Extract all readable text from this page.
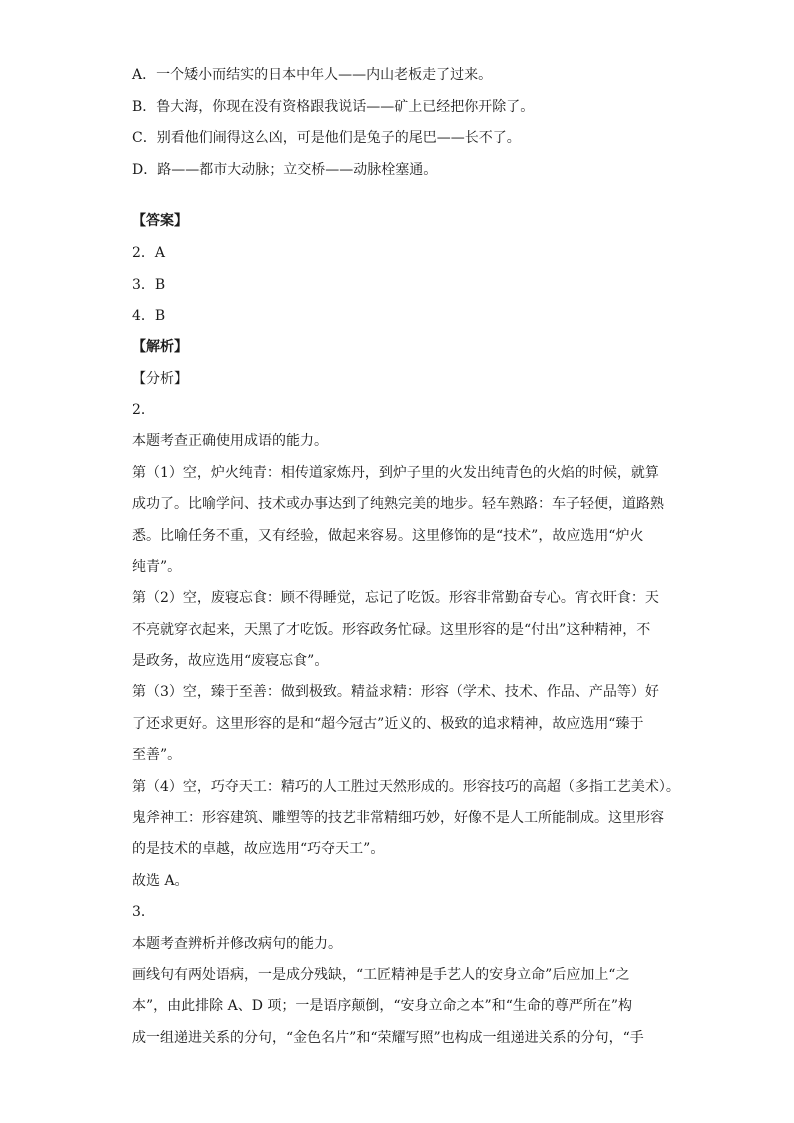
A．一个矮小而结实的日本中年人——内山老板走了过来。

B．鲁大海，你现在没有资格跟我说话——矿上已经把你开除了。

C．别看他们闹得这么凶，可是他们是兔子的尾巴——长不了。

D．路——都市大动脉；立交桥——动脉栓塞通。

【答案】

2．A

3．B

4．B

【解析】

【分析】

2．

本题考查正确使用成语的能力。

第（1）空，炉火纯青：相传道家炼丹，到炉子里的火发出纯青色的火焰的时候，就算

成功了。比喻学问、技术或办事达到了纯熟完美的地步。轻车熟路：车子轻便，道路熟

悉。比喻任务不重，又有经验，做起来容易。这里修饰的是“技术”，故应选用“炉火

纯青”。

第（2）空，废寝忘食：顾不得睡觉，忘记了吃饭。形容非常勤奋专心。宵衣旰食：天

不亮就穿衣起来，天黑了才吃饭。形容政务忙碌。这里形容的是“付出”这种精神，不

是政务，故应选用“废寝忘食”。

第（3）空，臻于至善：做到极致。精益求精：形容（学术、技术、作品、产品等）好

了还求更好。这里形容的是和“超今冠古”近义的、极致的追求精神，故应选用“臻于

至善”。

第（4）空，巧夺天工：精巧的人工胜过天然形成的。形容技巧的高超（多指工艺美术）。

鬼斧神工：形容建筑、雕塑等的技艺非常精细巧妙，好像不是人工所能制成。这里形容

的是技术的卓越，故应选用“巧夺天工”。

故选 A。

3．

本题考查辨析并修改病句的能力。

画线句有两处语病，一是成分残缺，“工匠精神是手艺人的安身立命”后应加上“之

本”，由此排除 A、D 项；一是语序颠倒，“安身立命之本”和“生命的尊严所在”构

成一组递进关系的分句，“金色名片”和“荣耀写照”也构成一组递进关系的分句，“手
